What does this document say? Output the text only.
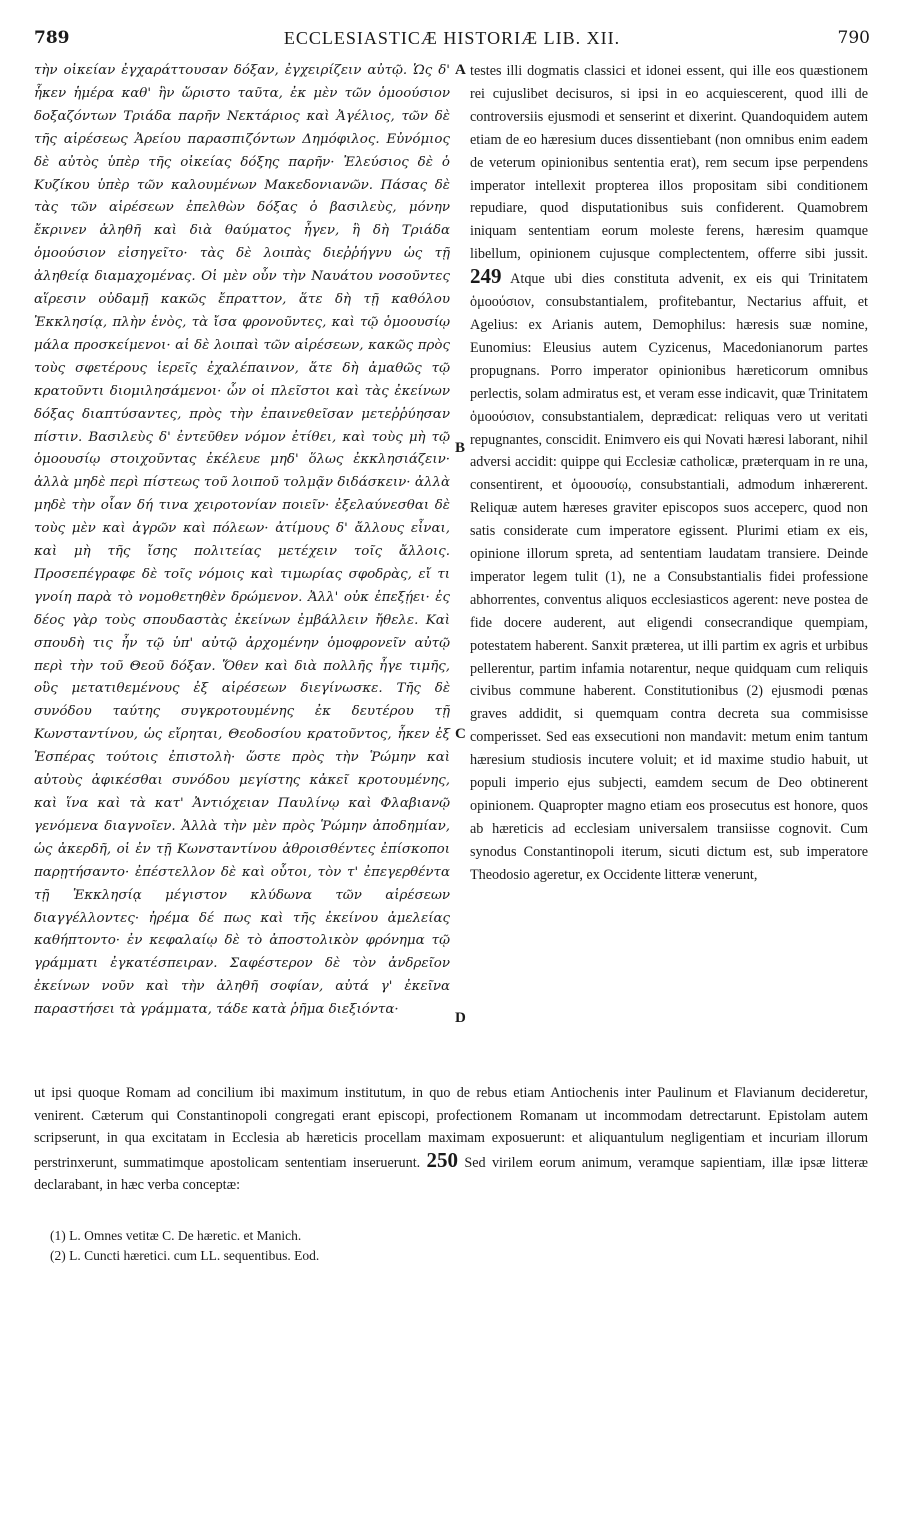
789	ECCLESIASTICÆ HISTORIÆ LIB. XII.	790
τὴν οἰκείαν ἐγχαράττουσαν δόξαν, ἐγχειρίζειν αὐτῷ. Ὡς δ' ἧκεν ἡμέρα καθ' ἣν ὥριστο ταῦτα, ἐκ μὲν τῶν ὁμοούσιον δοξαζόντων Τριάδα παρῆν Νεκτάριος καὶ Ἀγέλιος, τῶν δὲ τῆς αἱρέσεως Ἀρείου παρασπιζόντων Δημόφιλος. Εὐνόμιος δὲ αὐτὸς ὑπὲρ τῆς οἰκείας δόξης παρῆν· Ἐλεύσιος δὲ ὁ Κυζίκου ὑπὲρ τῶν καλουμένων Μακεδονιανῶν. Πάσας δὲ τὰς τῶν αἱρέσεων ἐπελθὼν δόξας ὁ βασιλεὺς, μόνην ἔκρινεν ἀληθῆ καὶ διὰ θαύματος ἦγεν, ἣ δὴ Τριάδα ὁμοούσιον εἰσηγεῖτο· τὰς δὲ λοιπὰς διεῤῥήγνυ ὡς τῇ ἀληθείᾳ διαμαχομένας. Οἱ μὲν οὖν τὴν Ναυάτου νοσοῦντες αἵρεσιν οὐδαμῇ κακῶς ἔπραττον, ἅτε δὴ τῇ καθόλου Ἐκκλησίᾳ, πλὴν ἑνὸς, τὰ ἴσα φρονοῦντες, καὶ τῷ ὁμοουσίῳ μάλα προσκείμενοι· αἱ δὲ λοιπαὶ τῶν αἱρέσεων, κακῶς πρὸς τοὺς σφετέρους ἱερεῖς ἐχαλέπαινον, ἅτε δὴ ἀμαθῶς τῷ κρατοῦντι διομιλησάμενοι· ὧν οἱ πλεῖστοι καὶ τὰς ἐκείνων δόξας διαπτύσαντες, πρὸς τὴν ἐπαινεθεῖσαν μετεῤῥύησαν πίστιν. Βασιλεὺς δ' ἐντεῦθεν νόμον ἐτίθει, καὶ τοὺς μὴ τῷ ὁμοουσίῳ στοιχοῦντας ἐκέλευε μηδ' ὅλως ἐκκλησιάζειν· ἀλλὰ μηδὲ περὶ πίστεως τοῦ λοιποῦ τολμᾷν διδάσκειν· ἀλλὰ μηδὲ τὴν οἷαν δή τινα χειροτονίαν ποιεῖν· ἐξελαύνεσθαι δὲ τοὺς μὲν καὶ ἀγρῶν καὶ πόλεων· ἀτίμους δ' ἄλλους εἶναι, καὶ μὴ τῆς ἴσης πολιτείας μετέχειν τοῖς ἄλλοις. Προσεπέγραφε δὲ τοῖς νόμοις καὶ τιμωρίας σφοδρὰς, εἴ τι γνοίη παρὰ τὸ νομοθετηθὲν δρώμενον. Ἀλλ' οὐκ ἐπεξῄει· ἐς δέος γὰρ τοὺς σπουδαστὰς ἐκείνων ἐμβάλλειν ἤθελε. Καὶ σπουδὴ τις ἦν τῷ ὑπ' αὐτῷ ἀρχομένην ὁμοφρονεῖν αὐτῷ περὶ τὴν τοῦ Θεοῦ δόξαν. Ὅθεν καὶ διὰ πολλῆς ἦγε τιμῆς, οὓς μετατιθεμένους ἐξ αἱρέσεων διεγίνωσκε. Τῆς δὲ συνόδου ταύτης συγκροτουμένης ἐκ δευτέρου τῇ Κωνσταντίνου, ὡς εἴρηται, Θεοδοσίου κρατοῦντος, ἧκεν ἐξ Ἑσπέρας τούτοις ἐπιστολὴ· ὥστε πρὸς τὴν Ῥώμην καὶ αὐτοὺς ἀφικέσθαι συνόδου μεγίστης κἀκεῖ κροτουμένης, καὶ ἵνα καὶ τὰ κατ' Ἀντιόχειαν Παυλίνῳ καὶ Φλαβιανῷ γενόμενα διαγνοῖεν. Ἀλλὰ τὴν μὲν πρὸς Ῥώμην ἀποδημίαν, ὡς ἀκερδῆ, οἱ ἐν τῇ Κωνσταντίνου ἀθροισθέντες ἐπίσκοποι παρῃτήσαντο· ἐπέστελλον δὲ καὶ οὗτοι, τὸν τ' ἐπεγερθέντα τῇ Ἐκκλησίᾳ μέγιστον κλύδωνα τῶν αἱρέσεων διαγγέλλοντες· ἠρέμα δέ πως καὶ τῆς ἐκείνου ἀμελείας καθήπτοντο· ἐν κεφαλαίῳ δὲ τὸ ἀποστολικὸν φρόνημα τῷ γράμματι ἐγκατέσπειραν. Σαφέστερον δὲ τὸν ἀνδρεῖον ἐκείνων νοῦν καὶ τὴν ἀληθῆ σοφίαν, αὐτά γ' ἐκεῖνα παραστήσει τὰ γράμματα, τάδε κατὰ ῥῆμα διεξιόντα·
A
B
C
D
testes illi dogmatis classici et idonei essent, qui ille eos quæstionem rei cujuslibet decisuros, si ipsi in eo acquiescerent, quod illi de controversiis ejusmodi et senserint et dixerint. Quandoquidem autem etiam de eo hæresium duces dissentiebant (non omnibus enim eadem de veterum opinionibus sententia erat), rem secum ipse perpendens imperator intellexit propterea illos propositam sibi conditionem repudiare, quod disputationibus suis confiderent. Quamobrem iniquam sententiam eorum moleste ferens, hæresim quamque libellum, opinionem cujusque complectentem, offerre sibi jussit. 249 Atque ubi dies constituta advenit, ex eis qui Trinitatem ὁμοούσιον, consubstantialem, profitebantur, Nectarius affuit, et Agelius: ex Arianis autem, Demophilus: hæresis suæ nomine, Eunomius: Eleusius autem Cyzicenus, Macedonianorum partes propugnans. Porro imperator opinionibus hæreticorum omnibus perlectis, solam admiratus est, et veram esse indicavit, quæ Trinitatem ὁμοούσιον, consubstantialem, deprædicat: reliquas vero ut veritati repugnantes, conscidit. Enimvero eis qui Novati hæresi laborant, nihil adversi accidit: quippe qui Ecclesiæ catholicæ, præterquam in re una, consentirent, et ὁμοουσίῳ, consubstantiali, admodum inhærerent. Reliquæ autem hæreses graviter episcopos suos acceperc, quod non satis considerate cum imperatore egissent. Plurimi etiam ex eis, opinione illorum spreta, ad sententiam laudatam transiere. Deinde imperator legem tulit (1), ne a Consubstantialis fidei professione abhorrentes, conventus aliquos ecclesiasticos agerent: neve postea de fide docere auderent, aut eligendi consecrandique quempiam, potestatem haberent. Sanxit præterea, ut illi partim ex agris et urbibus pellerentur, partim infamia notarentur, neque quidquam cum reliquis civibus commune haberent. Constitutionibus (2) ejusmodi pœnas graves addidit, si quemquam contra decreta sua commisisse comperisset. Sed eas exsecutioni non mandavit: metum enim tantum hæresium studiosis incutere voluit; et id maxime studio habuit, ut populi imperio ejus subjecti, eamdem secum de Deo obtinerent opinionem. Quapropter magno etiam eos prosecutus est honore, quos ab hæreticis ad ecclesiam universalem transiisse cognovit. Cum synodus Constantinopoli iterum, sicuti dictum est, sub imperatore Theodosio ageretur, ex Occidente litteræ venerunt,
ut ipsi quoque Romam ad concilium ibi maximum institutum, in quo de rebus etiam Antiochenis inter Paulinum et Flavianum decideretur, venirent. Cæterum qui Constantinopoli congregati erant episcopi, profectionem Romanam ut incommodam detrectarunt. Epistolam autem scripserunt, in qua excitatam in Ecclesia ab hæreticis procellam maximam exposuerunt: et aliquantulum negligentiam et incuriam illorum perstrinxerunt, summatimque apostolicam sententiam inseruerunt. 250 Sed virilem eorum animum, veramque sapientiam, illæ ipsæ litteræ declarabant, in hæc verba conceptæ:
(1) L. Omnes vetitæ C. De hæretic. et Manich.
(2) L. Cuncti hæretici. cum LL. sequentibus. Eod.
